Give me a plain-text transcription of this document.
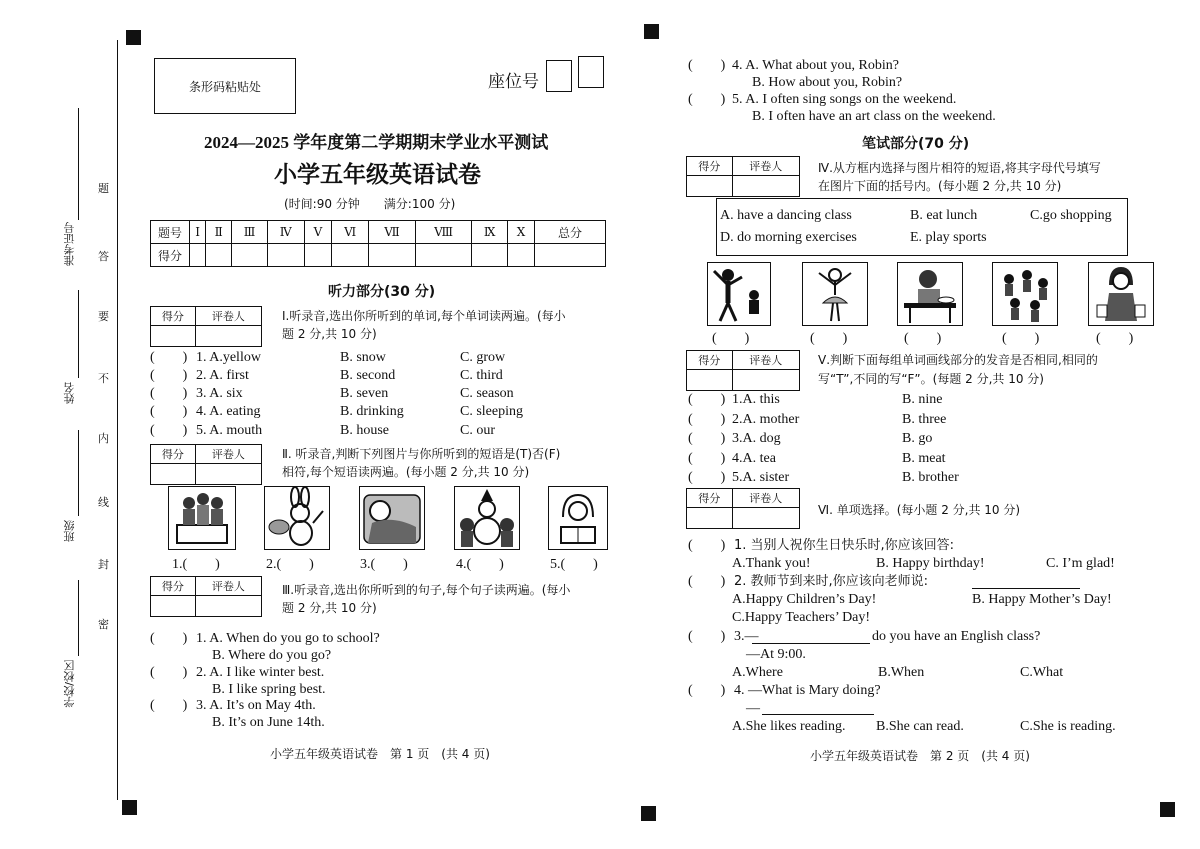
准考证号
姓名
班级
学校/校区
题
答
要
不
内
线
封
密
条形码粘贴处	座位号
2024—2025 学年度第二学期期末学业水平测试
小学五年级英语试卷
(时间:90 分钟　　满分:100 分)
题号	Ⅰ	Ⅱ	Ⅲ	Ⅳ	Ⅴ	Ⅵ	Ⅶ	Ⅷ	Ⅸ	Ⅹ	总分
得分											
听力部分(30 分)
得分	评卷人
		Ⅰ.听录音,选出你所听到的单词,每个单词读两遍。(每小
题 2 分,共 10 分)
(　　) 1. A.yellow	B. snow	C. grow
(　　) 2. A. first	B. second	C. third
(　　) 3. A. six	B. seven	C. season
(　　) 4. A. eating	B. drinking	C. sleeping
(　　) 5. A. mouth	B. house	C. our
得分	评卷人
		Ⅱ. 听录音,判断下列图片与你所听到的短语是(T)否(F)
相符,每个短语读两遍。(每小题 2 分,共 10 分)
1.(　　)	2.(　　)	3.(　　)	4.(　　)	5.(　　)
得分	评卷人
		Ⅲ.听录音,选出你所听到的句子,每个句子读两遍。(每小
题 2 分,共 10 分)
(　　) 1. A. When do you go to school?
B. Where do you go?
(　　) 2. A. I like winter best.
B. I like spring best.
(　　) 3. A. It’s on May 4th.
B. It’s on June 14th.
小学五年级英语试卷　第 1 页　(共 4 页)
(　　) 4. A. What about you, Robin?
B. How about you, Robin?
(　　) 5. A. I often sing songs on the weekend.
B. I often have an art class on the weekend.
笔试部分(70 分)
得分	评卷人
		Ⅳ.从方框内选择与图片相符的短语,将其字母代号填写
在图片下面的括号内。(每小题 2 分,共 10 分)
A. have a dancing class	B. eat lunch	C.go shopping
D. do morning exercises	E. play sports
(　　)	(　　)	(　　)	(　　)	(　　)
得分	评卷人
		Ⅴ.判断下面每组单词画线部分的发音是否相同,相同的
写“T”,不同的写“F”。(每题 2 分,共 10 分)
(　　) 1.A. this	B. nine
(　　) 2.A. mother	B. three
(　　) 3.A. dog	B. go
(　　) 4.A. tea	B. meat
(　　) 5.A. sister	B. brother
得分	评卷人

Ⅵ. 单项选择。(每小题 2 分,共 10 分)
(　　) 1. 当别人祝你生日快乐时,你应该回答:
A.Thank you!	B. Happy birthday!	C. I’m glad!
(　　) 2. 教师节到来时,你应该向老师说:
A.Happy Children’s Day!	B. Happy Mother’s Day!
C.Happy Teachers’ Day!
(　　) 3.—	do you have an English class?
—At 9:00.
A.Where	B.When	C.What
(　　) 4. —What is Mary doing?
—
A.She likes reading. B.She can read.	C.She is reading.
小学五年级英语试卷　第 2 页　(共 4 页)
